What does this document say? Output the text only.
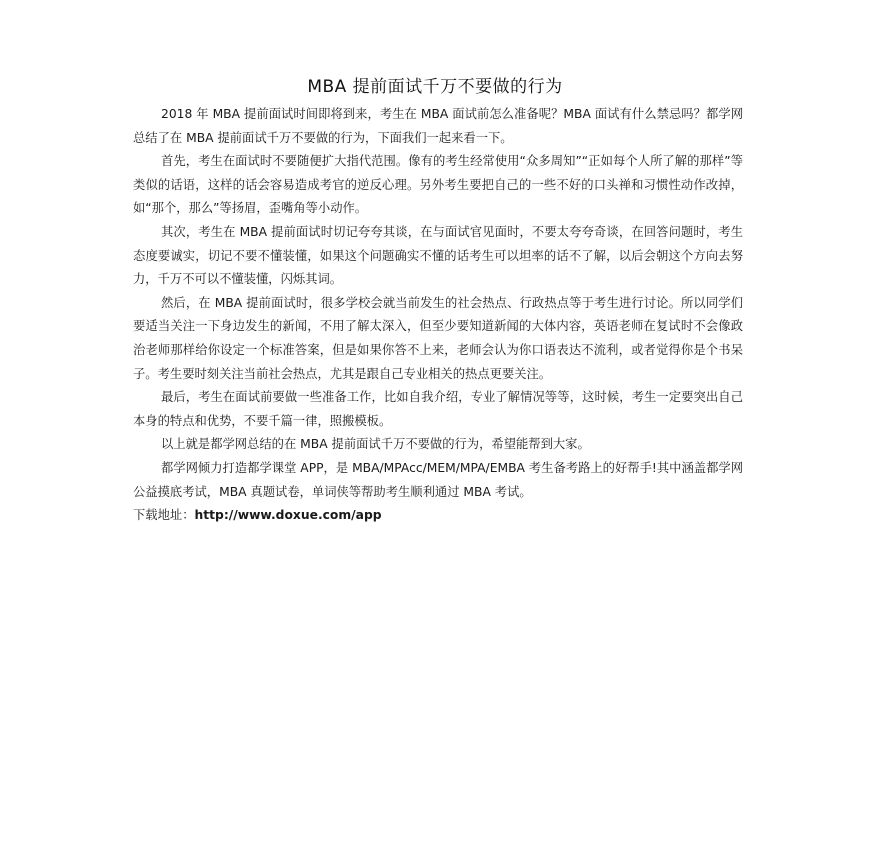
MBA 提前面试千万不要做的行为

2018 年 MBA 提前面试时间即将到来，考生在 MBA 面试前怎么准备呢？MBA 面试有什么禁忌吗？都学网总结了在 MBA 提前面试千万不要做的行为，下面我们一起来看一下。

首先，考生在面试时不要随便扩大指代范围。像有的考生经常使用“众多周知”“正如每个人所了解的那样”等类似的话语，这样的话会容易造成考官的逆反心理。另外考生要把自己的一些不好的口头禅和习惯性动作改掉，如“那个，那么”等扬眉，歪嘴角等小动作。

其次，考生在 MBA 提前面试时切记夸夸其谈，在与面试官见面时，不要太夸夸奇谈，在回答问题时，考生态度要诚实，切记不要不懂装懂，如果这个问题确实不懂的话考生可以坦率的话不了解，以后会朝这个方向去努力，千万不可以不懂装懂，闪烁其词。

然后，在 MBA 提前面试时，很多学校会就当前发生的社会热点、行政热点等于考生进行讨论。所以同学们要适当关注一下身边发生的新闻，不用了解太深入，但至少要知道新闻的大体内容，英语老师在复试时不会像政治老师那样给你设定一个标准答案，但是如果你答不上来，老师会认为你口语表达不流利，或者觉得你是个书呆子。考生要时刻关注当前社会热点，尤其是跟自己专业相关的热点更要关注。

最后，考生在面试前要做一些准备工作，比如自我介绍，专业了解情况等等，这时候，考生一定要突出自己本身的特点和优势，不要千篇一律，照搬模板。

以上就是都学网总结的在 MBA 提前面试千万不要做的行为，希望能帮到大家。

都学网倾力打造都学课堂 APP，是 MBA/MPAcc/MEM/MPA/EMBA 考生备考路上的好帮手!其中涵盖都学网公益摸底考试，MBA 真题试卷，单词侠等帮助考生顺利通过 MBA 考试。

下载地址：http://www.doxue.com/app
